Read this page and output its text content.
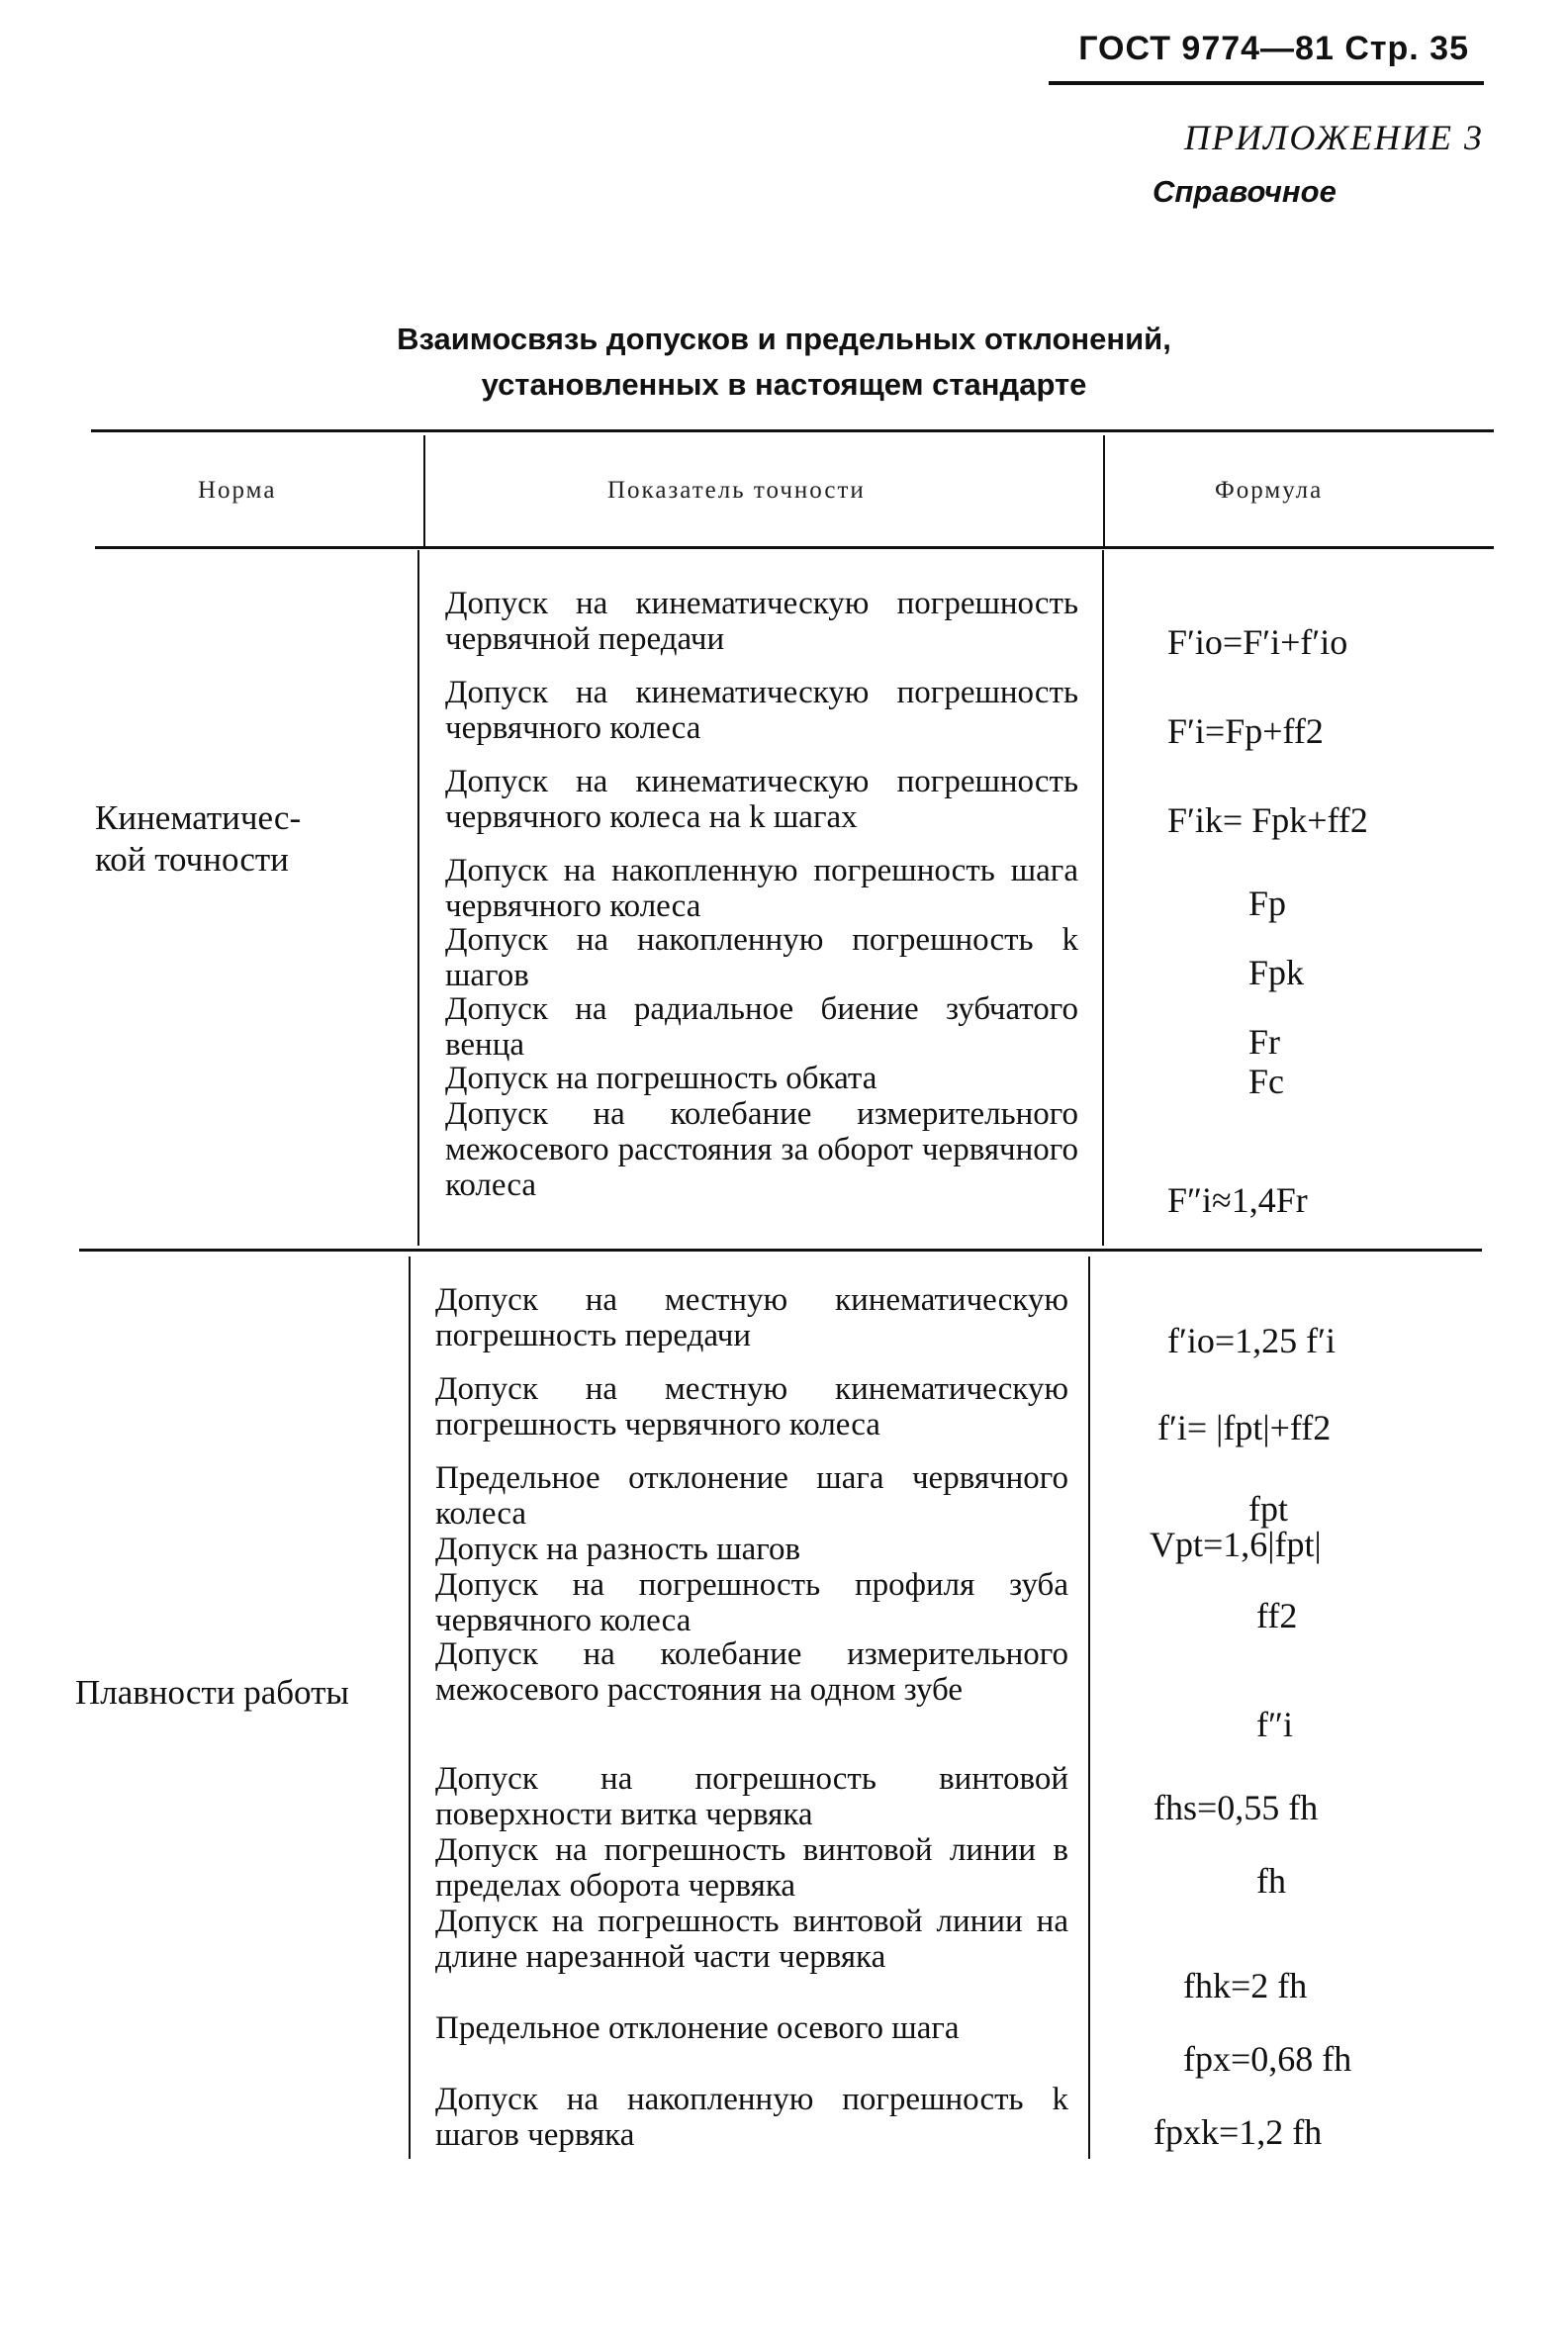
ГОСТ 9774—81 Стр. 35
ПРИЛОЖЕНИЕ 3
Справочное
Взаимосвязь допусков и предельных отклонений,
установленных в настоящем стандарте
Норма	Показатель точности	Формула
Кинематичес-
кой точности
Допуск на кинематическую погрешность червячной передачи
Допуск на кинематическую погрешность червячного колеса
Допуск на кинематическую погрешность червячного колеса на k шагах
Допуск на накопленную погрешность шага червячного колеса
Допуск на накопленную погрешность k шагов
Допуск на радиальное биение зубчатого венца
Допуск на погрешность обката
Допуск на колебание измерительного межосевого расстояния за оборот червячного колеса
F′io=F′i+f′io
F′i=Fp+ff2
F′ik= Fpk+ff2
Fp
Fpk
Fr
Fc
F″i≈1,4Fr
Плавности работы
Допуск на местную кинематическую погрешность передачи
Допуск на местную кинематическую погрешность червячного колеса
Предельное отклонение шага червячного колеса
Допуск на разность шагов
Допуск на погрешность профиля зуба червячного колеса
Допуск на колебание измерительного межосевого расстояния на одном зубе
Допуск на погрешность винтовой поверхности витка червяка
Допуск на погрешность винтовой линии в пределах оборота червяка
Допуск на погрешность винтовой линии на длине нарезанной части червяка
Предельное отклонение осевого шага
Допуск на накопленную погрешность k шагов червяка
f′io=1,25 f′i
f′i= |fpt|+ff2
fpt
Vpt=1,6|fpt|
ff2
f″i
fhs=0,55 fh
fh
fhk=2 fh
fpx=0,68 fh
fpxk=1,2 fh
